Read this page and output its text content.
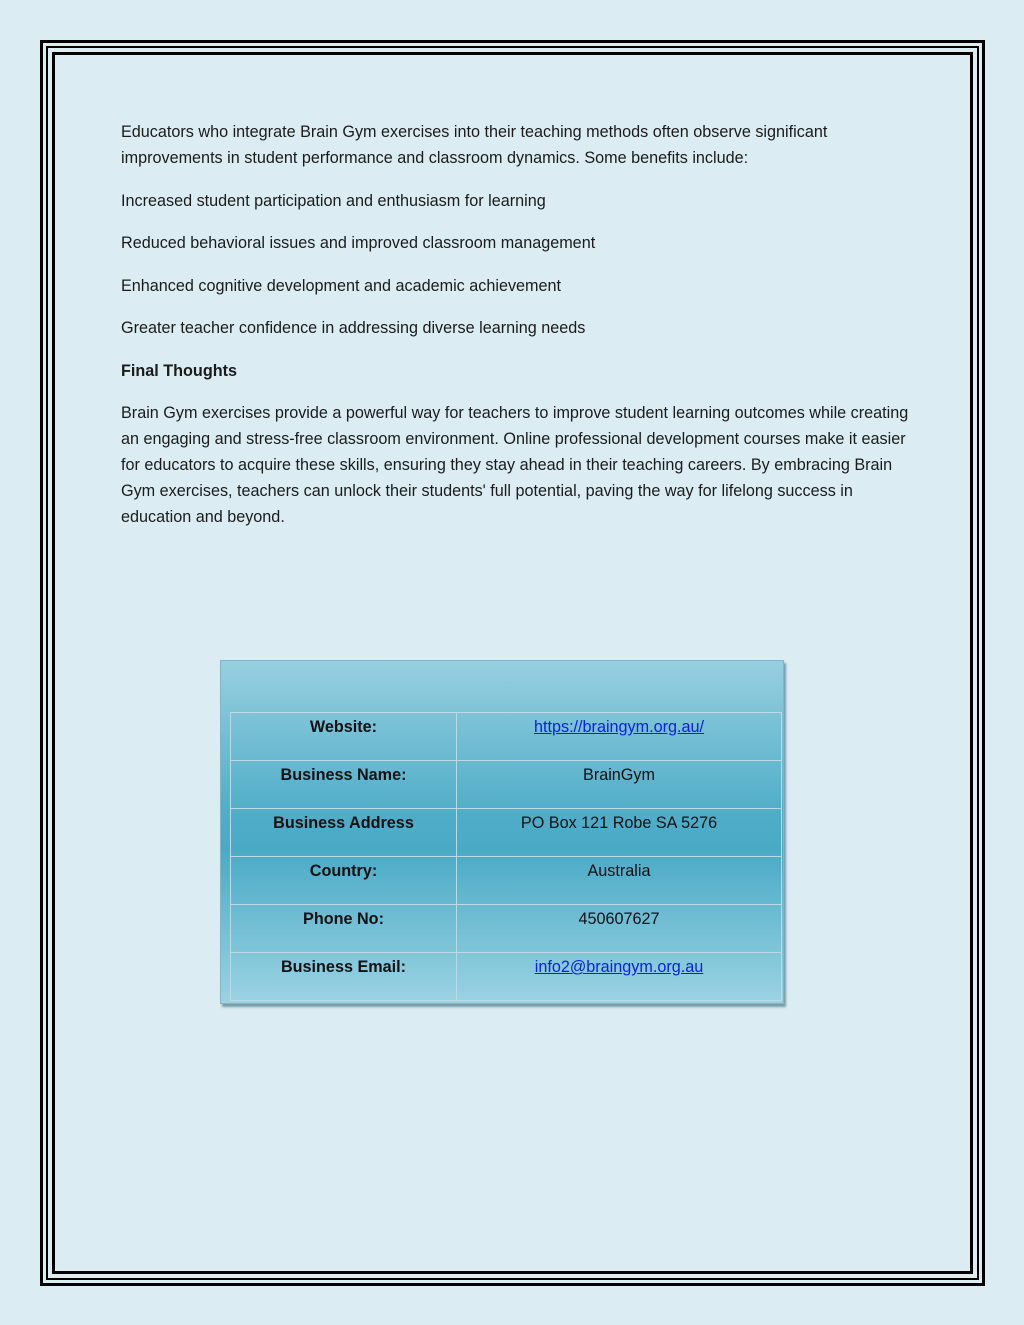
Educators who integrate Brain Gym exercises into their teaching methods often observe significant improvements in student performance and classroom dynamics. Some benefits include:

Increased student participation and enthusiasm for learning

Reduced behavioral issues and improved classroom management

Enhanced cognitive development and academic achievement

Greater teacher confidence in addressing diverse learning needs

Final Thoughts

Brain Gym exercises provide a powerful way for teachers to improve student learning outcomes while creating an engaging and stress-free classroom environment. Online professional development courses make it easier for educators to acquire these skills, ensuring they stay ahead in their teaching careers. By embracing Brain Gym exercises, teachers can unlock their students' full potential, paving the way for lifelong success in education and beyond.

Website:	https://braingym.org.au/

Business Name:	BrainGym

Business Address	PO Box 121 Robe SA 5276

Country:	Australia

Phone No:	450607627

Business Email:	info2@braingym.org.au
